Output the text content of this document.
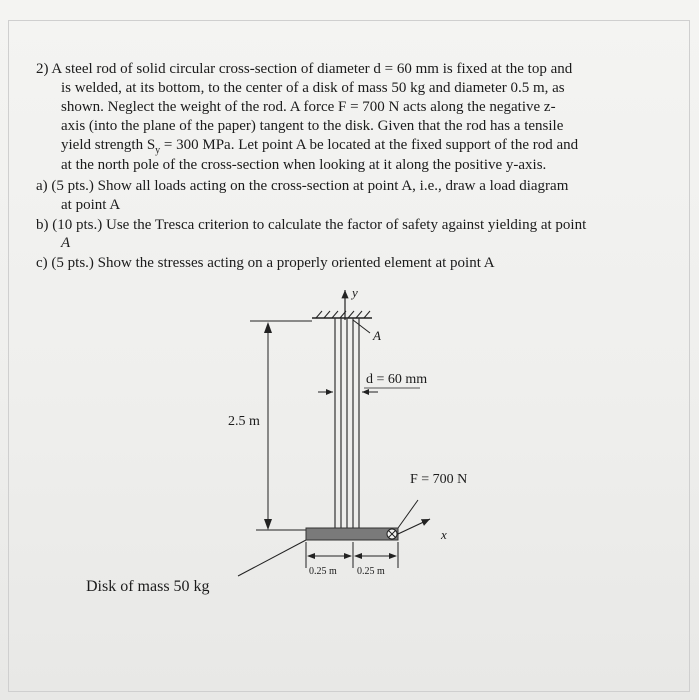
2) A steel rod of solid circular cross-section of diameter d = 60 mm is fixed at the top and
is welded, at its bottom, to the center of a disk of mass 50 kg and diameter 0.5 m, as
shown. Neglect the weight of the rod. A force F = 700 N acts along the negative z-
axis (into the plane of the paper) tangent to the disk. Given that the rod has a tensile
yield strength $S_y = 300$ MPa. Let point A be located at the fixed support of the rod and
at the north pole of the cross-section when looking at it along the positive y-axis.
a) (5 pts.) Show all loads acting on the cross-section at point A, i.e., draw a load diagram
at point A
b) (10 pts.) Use the Tresca criterion to calculate the factor of safety against yielding at point
A
c) (5 pts.) Show the stresses acting on a properly oriented element at point A
y
A
d = 60 mm
2.5 m
F = 700 N
x
0.25 m 0.25 m
Disk of mass 50 kg
